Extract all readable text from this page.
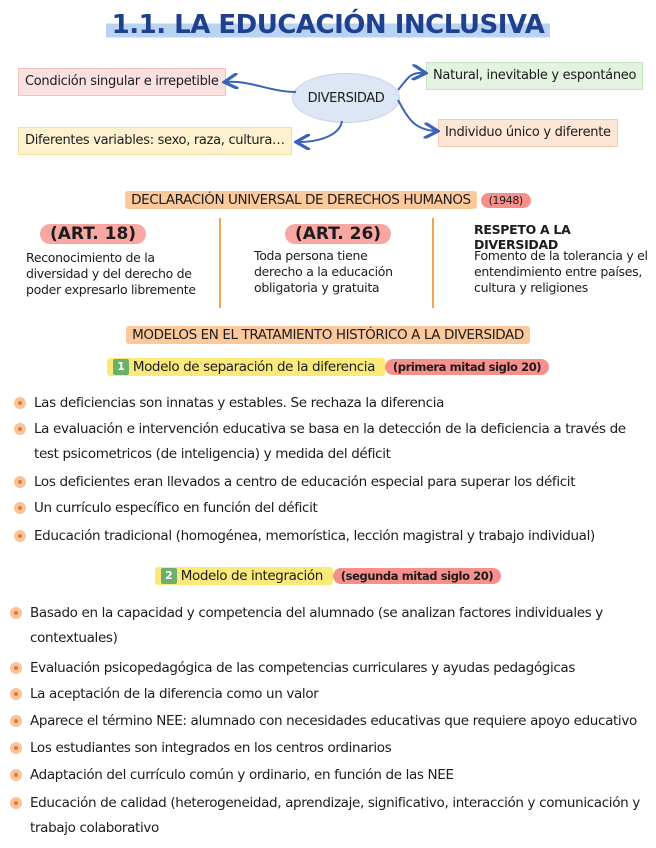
1.1. LA EDUCACIÓN INCLUSIVA
Condición singular e irrepetible
Diferentes variables: sexo, raza, cultura…
DIVERSIDAD
Natural, inevitable y espontáneo
Individuo único y diferente
DECLARACIÓN UNIVERSAL DE DERECHOS HUMANOS (1948)
(ART. 18)
Reconocimiento de la diversidad y del derecho de poder expresarlo libremente
(ART. 26)
Toda persona tiene derecho a la educación obligatoria y gratuita
RESPETO A LA DIVERSIDAD
Fomento de la tolerancia y el entendimiento entre países, cultura y religiones
MODELOS EN EL TRATAMIENTO HISTÓRICO A LA DIVERSIDAD
1 Modelo de separación de la diferencia (primera mitad siglo 20)
Las deficiencias son innatas y estables. Se rechaza la diferencia
La evaluación e intervención educativa se basa en la detección de la deficiencia a través de
test psicometricos (de inteligencia) y medida del déficit
Los deficientes eran llevados a centro de educación especial para superar los déficit
Un currículo específico en función del déficit
Educación tradicional (homogénea, memorística, lección magistral y trabajo individual)
2 Modelo de integración (segunda mitad siglo 20)
Basado en la capacidad y competencia del alumnado (se analizan factores individuales y
contextuales)
Evaluación psicopedagógica de las competencias curriculares y ayudas pedagógicas
La aceptación de la diferencia como un valor
Aparece el término NEE: alumnado con necesidades educativas que requiere apoyo educativo
Los estudiantes son integrados en los centros ordinarios
Adaptación del currículo común y ordinario, en función de las NEE
Educación de calidad (heterogeneidad, aprendizaje, significativo, interacción y comunicación y
trabajo colaborativo
